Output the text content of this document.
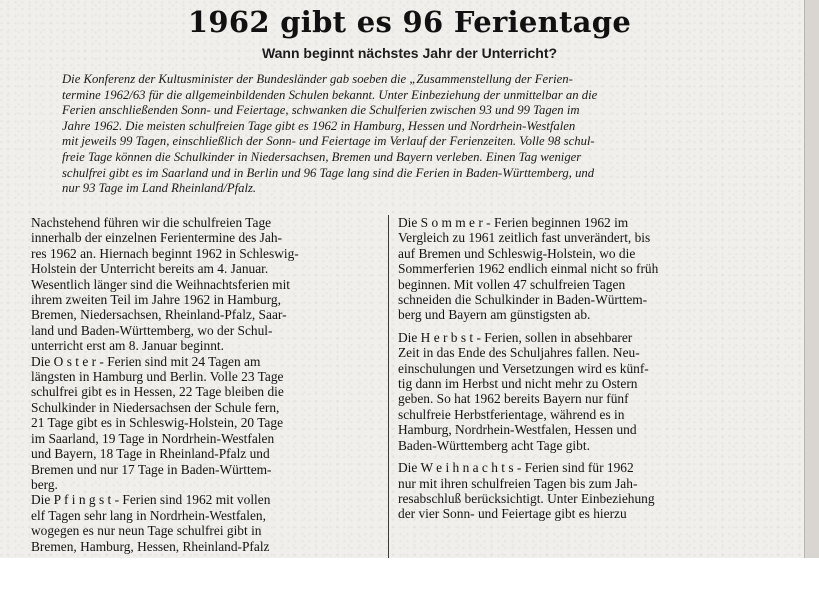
1962 gibt es 96 Ferientage
Wann beginnt nächstes Jahr der Unterricht?
Die Konferenz der Kultusminister der Bundesländer gab soeben die „Zusammenstellung der Ferien-
termine 1962/63 für die allgemeinbildenden Schulen bekannt. Unter Einbeziehung der unmittelbar an die
Ferien anschließenden Sonn- und Feiertage, schwanken die Schulferien zwischen 93 und 99 Tagen im
Jahre 1962. Die meisten schulfreien Tage gibt es 1962 in Hamburg, Hessen und Nordrhein-Westfalen
mit jeweils 99 Tagen, einschließlich der Sonn- und Feiertage im Verlauf der Ferienzeiten. Volle 98 schul-
freie Tage können die Schulkinder in Niedersachsen, Bremen und Bayern verleben. Einen Tag weniger
schulfrei gibt es im Saarland und in Berlin und 96 Tage lang sind die Ferien in Baden-Württemberg, und
nur 93 Tage im Land Rheinland/Pfalz.
Nachstehend führen wir die schulfreien Tage
innerhalb der einzelnen Ferientermine des Jah-
res 1962 an. Hiernach beginnt 1962 in Schleswig-
Holstein der Unterricht bereits am 4. Januar.
Wesentlich länger sind die Weihnachtsferien mit
ihrem zweiten Teil im Jahre 1962 in Hamburg,
Bremen, Niedersachsen, Rheinland-Pfalz, Saar-
land und Baden-Württemberg, wo der Schul-
unterricht erst am 8. Januar beginnt.
Die O s t e r - Ferien sind mit 24 Tagen am
längsten in Hamburg und Berlin. Volle 23 Tage
schulfrei gibt es in Hessen, 22 Tage bleiben die
Schulkinder in Niedersachsen der Schule fern,
21 Tage gibt es in Schleswig-Holstein, 20 Tage
im Saarland, 19 Tage in Nordrhein-Westfalen
und Bayern, 18 Tage in Rheinland-Pfalz und
Bremen und nur 17 Tage in Baden-Württem-
berg.
Die P f i n g s t - Ferien sind 1962 mit vollen
elf Tagen sehr lang in Nordrhein-Westfalen,
wogegen es nur neun Tage schulfrei gibt in
Bremen, Hamburg, Hessen, Rheinland-Pfalz
Die S o m m e r - Ferien beginnen 1962 im
Vergleich zu 1961 zeitlich fast unverändert, bis
auf Bremen und Schleswig-Holstein, wo die
Sommerferien 1962 endlich einmal nicht so früh
beginnen. Mit vollen 47 schulfreien Tagen
schneiden die Schulkinder in Baden-Württem-
berg und Bayern am günstigsten ab.
Die H e r b s t - Ferien, sollen in absehbarer
Zeit in das Ende des Schuljahres fallen. Neu-
einschulungen und Versetzungen wird es künf-
tig dann im Herbst und nicht mehr zu Ostern
geben. So hat 1962 bereits Bayern nur fünf
schulfreie Herbstferientage, während es in
Hamburg, Nordrhein-Westfalen, Hessen und
Baden-Württemberg acht Tage gibt.
Die W e i h n a c h t s - Ferien sind für 1962
nur mit ihren schulfreien Tagen bis zum Jah-
resabschluß berücksichtigt. Unter Einbeziehung
der vier Sonn- und Feiertage gibt es hierzu
